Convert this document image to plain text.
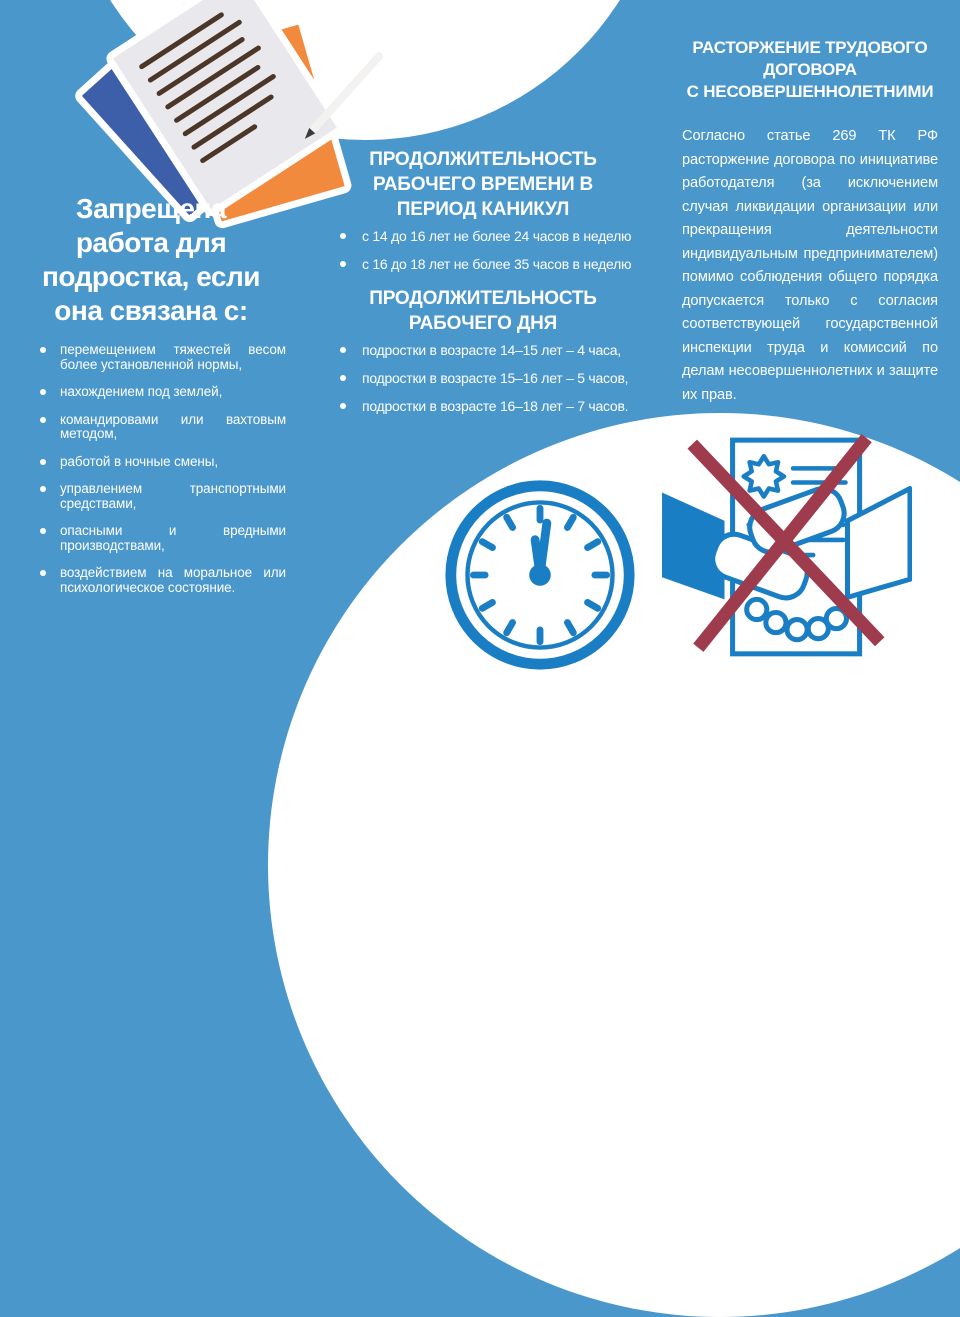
Запрещена
работа для
подростка, если
она связана с:
перемещением тяжестей весом более установленной нормы,
нахождением под землей,
командировами или вахтовым методом,
работой в ночные смены,
управлением транспортными средствами,
опасными и вредными производствами,
воздействием на моральное или психологическое состояние.
ПРОДОЛЖИТЕЛЬНОСТЬ
РАБОЧЕГО ВРЕМЕНИ В
ПЕРИОД КАНИКУЛ
с 14 до 16 лет не более 24 часов в неделю
с 16 до 18 лет не более 35 часов в неделю
ПРОДОЛЖИТЕЛЬНОСТЬ
РАБОЧЕГО ДНЯ
подростки в возрасте 14–15 лет – 4 часа,
подростки в возрасте 15–16 лет – 5 часов,
подростки в возрасте 16–18 лет – 7 часов.
РАСТОРЖЕНИЕ ТРУДОВОГО
ДОГОВОРА
С НЕСОВЕРШЕННОЛЕТНИМИ

Согласно статье 269 ТК РФ расторжение договора по инициативе работодателя (за исключением случая ликвидации организации или прекращения деятельности индивидуальным предпринимателем) помимо соблюдения общего порядка допускается только с согласия соответствующей государственной инспекции труда и комиссий по делам несовершеннолетних и защите их прав.
